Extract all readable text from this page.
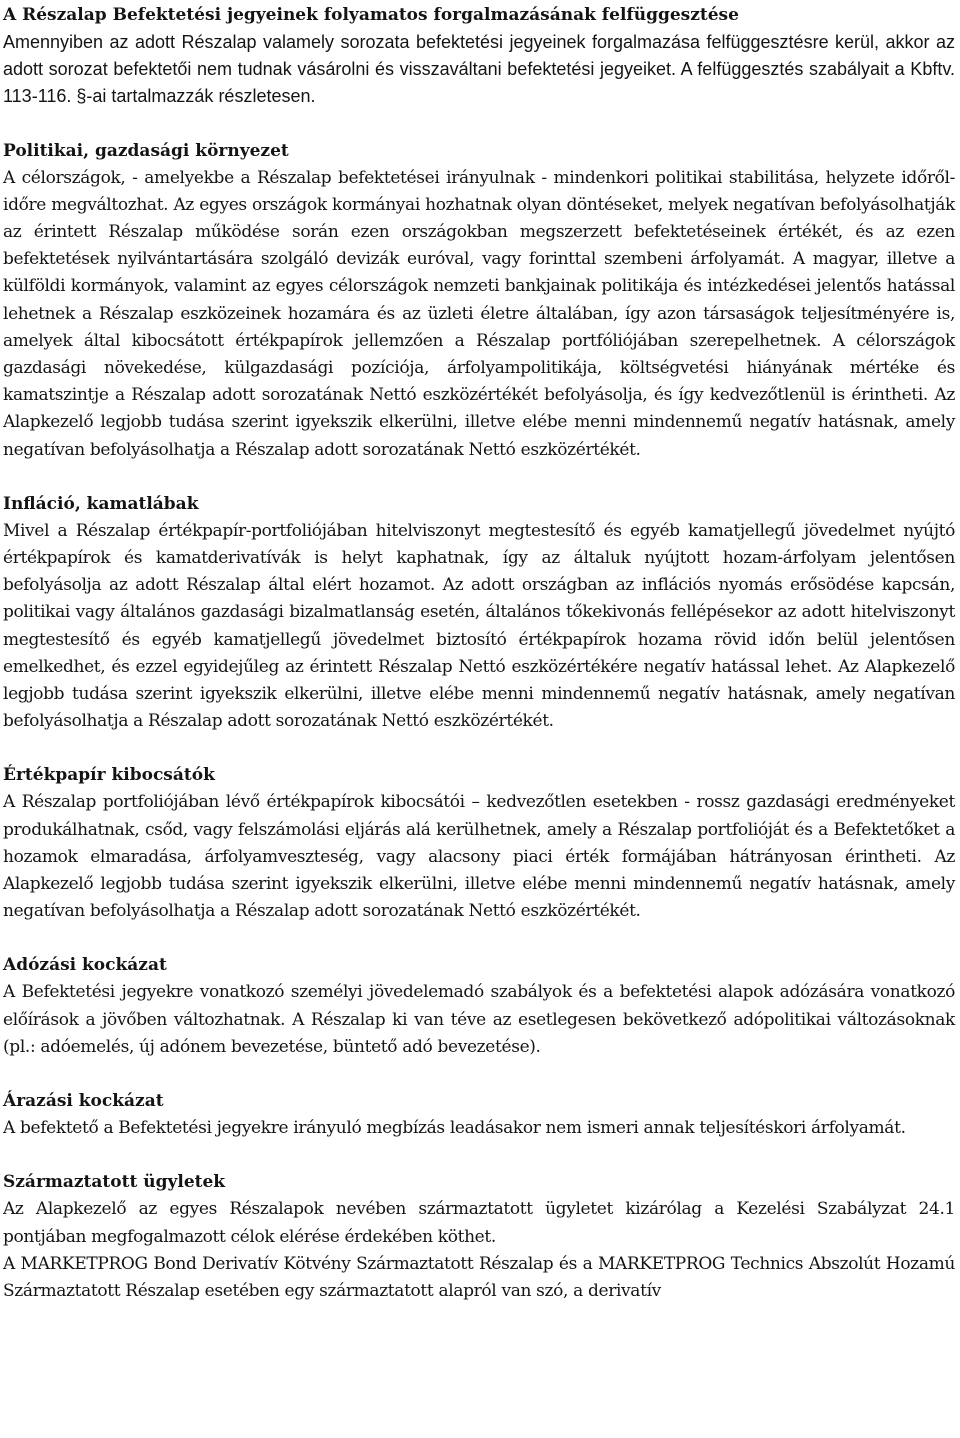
A Részalap Befektetési jegyeinek folyamatos forgalmazásának felfüggesztése

Amennyiben az adott Részalap valamely sorozata befektetési jegyeinek forgalmazása felfüggesztésre kerül, akkor az adott sorozat befektetői nem tudnak vásárolni és visszaváltani befektetési jegyeiket. A felfüggesztés szabályait a Kbftv. 113-116. §-ai tartalmazzák részletesen.

Politikai, gazdasági környezet

A célországok, - amelyekbe a Részalap befektetései irányulnak - mindenkori politikai stabilitása, helyzete időről-időre megváltozhat. Az egyes országok kormányai hozhatnak olyan döntéseket, melyek negatívan befolyásolhatják az érintett Részalap működése során ezen országokban megszerzett befektetéseinek értékét, és az ezen befektetések nyilvántartására szolgáló devizák euróval, vagy forinttal szembeni árfolyamát. A magyar, illetve a külföldi kormányok, valamint az egyes célországok nemzeti bankjainak politikája és intézkedései jelentős hatással lehetnek a Részalap eszközeinek hozamára és az üzleti életre általában, így azon társaságok teljesítményére is, amelyek által kibocsátott értékpapírok jellemzően a Részalap portfóliójában szerepelhetnek. A célországok gazdasági növekedése, külgazdasági pozíciója, árfolyampolitikája, költségvetési hiányának mértéke és kamatszintje a Részalap adott sorozatának Nettó eszközértékét befolyásolja, és így kedvezőtlenül is érintheti. Az Alapkezelő legjobb tudása szerint igyekszik elkerülni, illetve elébe menni mindennemű negatív hatásnak, amely negatívan befolyásolhatja a Részalap adott sorozatának Nettó eszközértékét.

Infláció, kamatlábak

Mivel a Részalap értékpapír-portfoliójában hitelviszonyt megtestesítő és egyéb kamatjellegű jövedelmet nyújtó értékpapírok és kamatderivatívák is helyt kaphatnak, így az általuk nyújtott hozam-árfolyam jelentősen befolyásolja az adott Részalap által elért hozamot. Az adott országban az inflációs nyomás erősödése kapcsán, politikai vagy általános gazdasági bizalmatlanság esetén, általános tőkekivonás fellépésekor az adott hitelviszonyt megtestesítő és egyéb kamatjellegű jövedelmet biztosító értékpapírok hozama rövid időn belül jelentősen emelkedhet, és ezzel egyidejűleg az érintett Részalap Nettó eszközértékére negatív hatással lehet. Az Alapkezelő legjobb tudása szerint igyekszik elkerülni, illetve elébe menni mindennemű negatív hatásnak, amely negatívan befolyásolhatja a Részalap adott sorozatának Nettó eszközértékét.

Értékpapír kibocsátók

A Részalap portfoliójában lévő értékpapírok kibocsátói – kedvezőtlen esetekben - rossz gazdasági eredményeket produkálhatnak, csőd, vagy felszámolási eljárás alá kerülhetnek, amely a Részalap portfolióját és a Befektetőket a hozamok elmaradása, árfolyamveszteség, vagy alacsony piaci érték formájában hátrányosan érintheti. Az Alapkezelő legjobb tudása szerint igyekszik elkerülni, illetve elébe menni mindennemű negatív hatásnak, amely negatívan befolyásolhatja a Részalap adott sorozatának Nettó eszközértékét.

Adózási kockázat

A Befektetési jegyekre vonatkozó személyi jövedelemadó szabályok és a befektetési alapok adózására vonatkozó előírások a jövőben változhatnak. A Részalap ki van téve az esetlegesen bekövetkező adópolitikai változásoknak (pl.: adóemelés, új adónem bevezetése, büntető adó bevezetése).

Árazási kockázat

A befektető a Befektetési jegyekre irányuló megbízás leadásakor nem ismeri annak teljesítéskori árfolyamát.

Származtatott ügyletek

Az Alapkezelő az egyes Részalapok nevében származtatott ügyletet kizárólag a Kezelési Szabályzat 24.1 pontjában megfogalmazott célok elérése érdekében köthet.

A MARKETPROG Bond Derivatív Kötvény Származtatott Részalap és a MARKETPROG Technics Abszolút Hozamú Származtatott Részalap esetében egy származtatott alapról van szó, a derivatív
